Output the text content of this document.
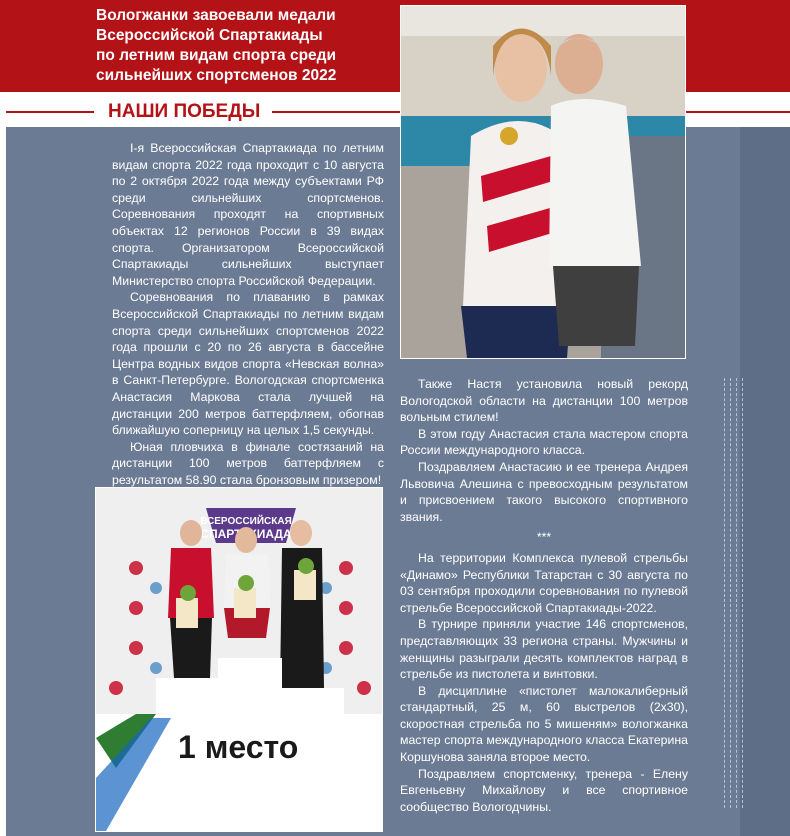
Вологжанки завоевали медали
Всероссийской Спартакиады
по летним видам спорта среди
сильнейших спортсменов 2022

НАШИ ПОБЕДЫ

I-я Всероссийская Спартакиада по летним видам спорта 2022 года проходит с 10 августа по 2 октября 2022 года между субъектами РФ среди сильнейших спортсменов. Соревнования проходят на спортивных объектах 12 регионов России в 39 видах спорта. Организатором Всероссийской Спартакиады сильнейших выступает Министерство спорта Российской Федерации.

Соревнования по плаванию в рамках Всероссийской Спартакиады по летним видам спорта среди сильнейших спортсменов 2022 года прошли с 20 по 26 августа в бассейне Центра водных видов спорта «Невская волна» в Санкт-Петербурге. Вологодская спортсменка Анастасия Маркова стала лучшей на дистанции 200 метров баттерфляем, обогнав ближайшую соперницу на целых 1,5 секунды.

Юная пловчиха в финале состязаний на дистанции 100 метров баттерфляем с результатом 58.90 стала бронзовым призером!

Также Настя установила новый рекорд Вологодской области на дистанции 100 метров вольным стилем!

В этом году Анастасия стала мастером спорта России международного класса.

Поздравляем Анастасию и ее тренера Андрея Львовича Алешина с превосходным результатом и присвоением такого высокого спортивного звания.

***

На территории Комплекса пулевой стрельбы «Динамо» Республики Татарстан с 30 августа по 03 сентября проходили соревнования по пулевой стрельбе Всероссийской Спартакиады-2022.

В турнире приняли участие 146 спортсменов, представляющих 33 региона страны. Мужчины и женщины разыграли десять комплектов наград в стрельбе из пистолета и винтовки.

В дисциплине «пистолет малокалиберный стандартный, 25 м, 60 выстрелов (2х30), скоростная стрельба по 5 мишеням» вологжанка мастер спорта международного класса Екатерина Коршунова заняла второе место.

Поздравляем спортсменку, тренера - Елену Евгеньевну Михайлову и все спортивное сообщество Вологодчины.

ВСЕРОССИЙСКАЯ
1 место
